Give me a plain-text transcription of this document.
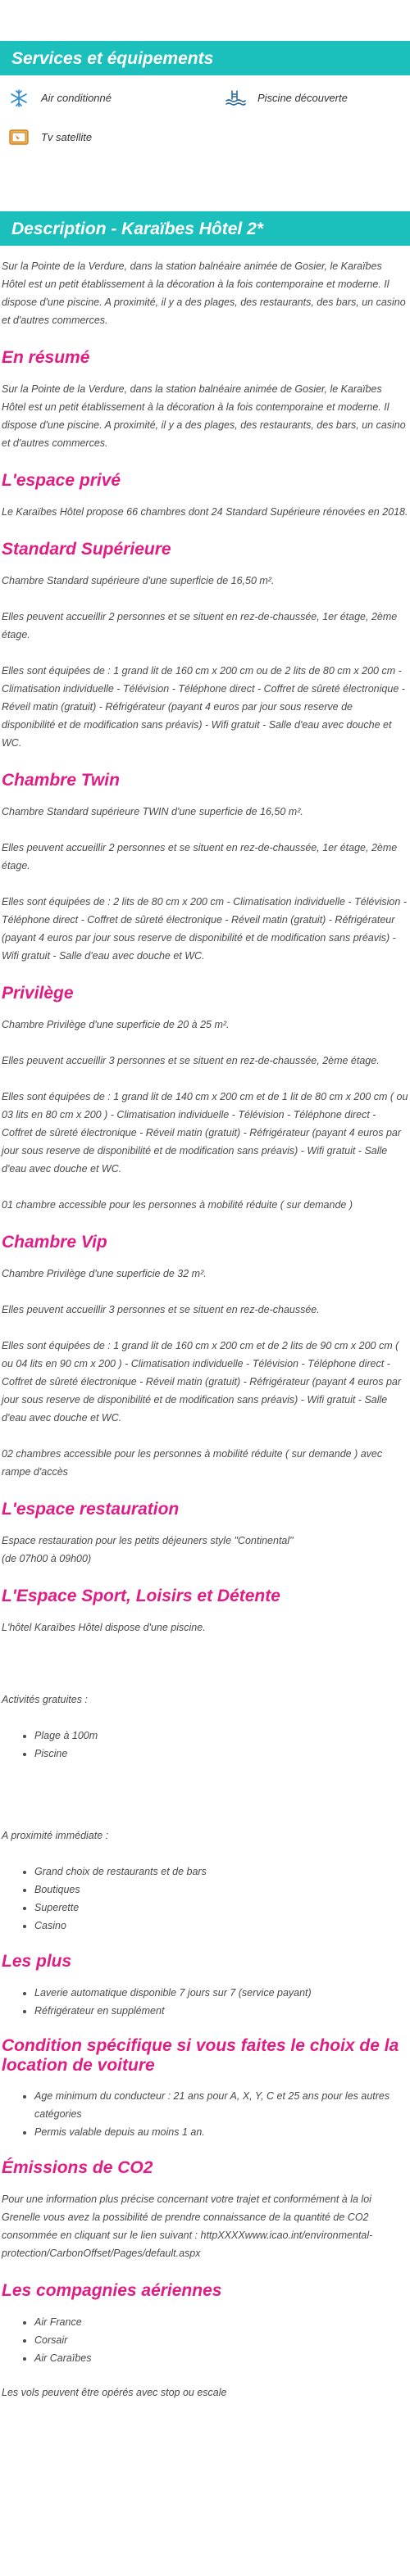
Services et équipements
Air conditionné	Piscine découverte
Tv satellite
Description - Karaïbes Hôtel 2*

Sur la Pointe de la Verdure, dans la station balnéaire animée de Gosier, le Karaïbes Hôtel est un petit établissement à la décoration à la fois contemporaine et moderne. Il dispose d'une piscine. A proximité, il y a des plages, des restaurants, des bars, un casino et d'autres commerces.

En résumé

Sur la Pointe de la Verdure, dans la station balnéaire animée de Gosier, le Karaïbes Hôtel est un petit établissement à la décoration à la fois contemporaine et moderne. Il dispose d'une piscine. A proximité, il y a des plages, des restaurants, des bars, un casino et d'autres commerces.

L'espace privé

Le Karaïbes Hôtel propose 66 chambres dont 24 Standard Supérieure rénovées en 2018.

Standard Supérieure

Chambre Standard supérieure d'une superficie de 16,50 m².

Elles peuvent accueillir 2 personnes et se situent en rez-de-chaussée, 1er étage, 2ème étage.

Elles sont équipées de : 1 grand lit de 160 cm x 200 cm ou de 2 lits de 80 cm x 200 cm - Climatisation individuelle - Télévision - Téléphone direct - Coffret de sûreté électronique - Réveil matin (gratuit) - Réfrigérateur (payant 4 euros par jour sous reserve de disponibilité et de modification sans préavis) - Wifi gratuit - Salle d'eau avec douche et WC.

Chambre Twin

Chambre Standard supérieure TWIN d'une superficie de 16,50 m².

Elles peuvent accueillir 2 personnes et se situent en rez-de-chaussée, 1er étage, 2ème étage.

Elles sont équipées de : 2 lits de 80 cm x 200 cm - Climatisation individuelle - Télévision - Téléphone direct - Coffret de sûreté électronique - Réveil matin (gratuit) - Réfrigérateur (payant 4 euros par jour sous reserve de disponibilité et de modification sans préavis) - Wifi gratuit - Salle d'eau avec douche et WC.

Privilège

Chambre Privilège d'une superficie de 20 à 25 m².

Elles peuvent accueillir 3 personnes et se situent en rez-de-chaussée, 2ème étage.

Elles sont équipées de : 1 grand lit de 140 cm x 200 cm et de 1 lit de 80 cm x 200 cm ( ou 03 lits en 80 cm x 200 ) - Climatisation individuelle - Télévision - Téléphone direct - Coffret de sûreté électronique - Réveil matin (gratuit) - Réfrigérateur (payant 4 euros par jour sous reserve de disponibilité et de modification sans préavis) - Wifi gratuit - Salle d'eau avec douche et WC.

01 chambre accessible pour les personnes à mobilité réduite ( sur demande )

Chambre Vip

Chambre Privilège d'une superficie de 32 m².

Elles peuvent accueillir 3 personnes et se situent en rez-de-chaussée.

Elles sont équipées de : 1 grand lit de 160 cm x 200 cm et de 2 lits de 90 cm x 200 cm ( ou 04 lits en 90 cm x 200 ) - Climatisation individuelle - Télévision - Téléphone direct - Coffret de sûreté électronique - Réveil matin (gratuit) - Réfrigérateur (payant 4 euros par jour sous reserve de disponibilité et de modification sans préavis) - Wifi gratuit - Salle d'eau avec douche et WC.

02 chambres accessible pour les personnes à mobilité réduite ( sur demande ) avec rampe d'accès

L'espace restauration

Espace restauration pour les petits déjeuners style "Continental"
(de 07h00 à 09h00)

L'Espace Sport, Loisirs et Détente

L'hôtel Karaïbes Hôtel dispose d'une piscine.

Activités gratuites :

• Plage à 100m
• Piscine

A proximité immédiate :

• Grand choix de restaurants et de bars
• Boutiques
• Superette
• Casino
Les plus
• Laverie automatique disponible 7 jours sur 7 (service payant)
• Réfrigérateur en supplément
Condition spécifique si vous faites le choix de la location de voiture
• Age minimum du conducteur : 21 ans pour A, X, Y, C et 25 ans pour les autres catégories
• Permis valable depuis au moins 1 an.
Émissions de CO2

Pour une information plus précise concernant votre trajet et conformément à la loi Grenelle vous avez la possibilité de prendre connaissance de la quantité de CO2 consommée en cliquant sur le lien suivant : httpXXXXwww.icao.int/environmental-protection/CarbonOffset/Pages/default.aspx

Les compagnies aériennes
• Air France
• Corsair
• Air Caraïbes

Les vols peuvent être opérés avec stop ou escale
